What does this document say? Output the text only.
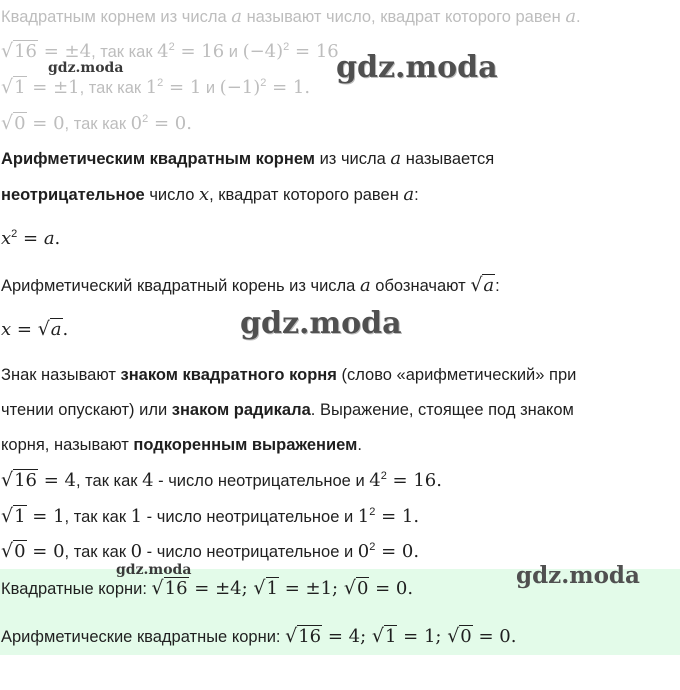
Квадратным корнем из числа a называют число, квадрат которого равен a.
√16 = ±4, так как $4^2 = 16$ и $(-4)^2 = 16$
√1 = ±1, так как $1^2 = 1$ и $(-1)^2 = 1$.
√0 = 0, так как $0^2 = 0$.
Арифметическим квадратным корнем из числа a называется
неотрицательное число x, квадрат которого равен a:
$x^2 = a$.
Арифметический квадратный корень из числа a обозначают √a:
x = √a.
Знак называют знаком квадратного корня (слово «арифметический» при
чтении опускают) или знаком радикала. Выражение, стоящее под знаком
корня, называют подкоренным выражением.
√16 = 4, так как 4 - число неотрицательное и $4^2 = 16$.
√1 = 1, так как 1 - число неотрицательное и $1^2 = 1$.
√0 = 0, так как 0 - число неотрицательное и $0^2 = 0$.
Квадратные корни: √16 = ±4; √1 = ±1; √0 = 0.
Арифметические квадратные корни: √16 = 4; √1 = 1; √0 = 0.
gdz.moda	gdz.moda
gdz.moda
gdz.moda	gdz.moda
